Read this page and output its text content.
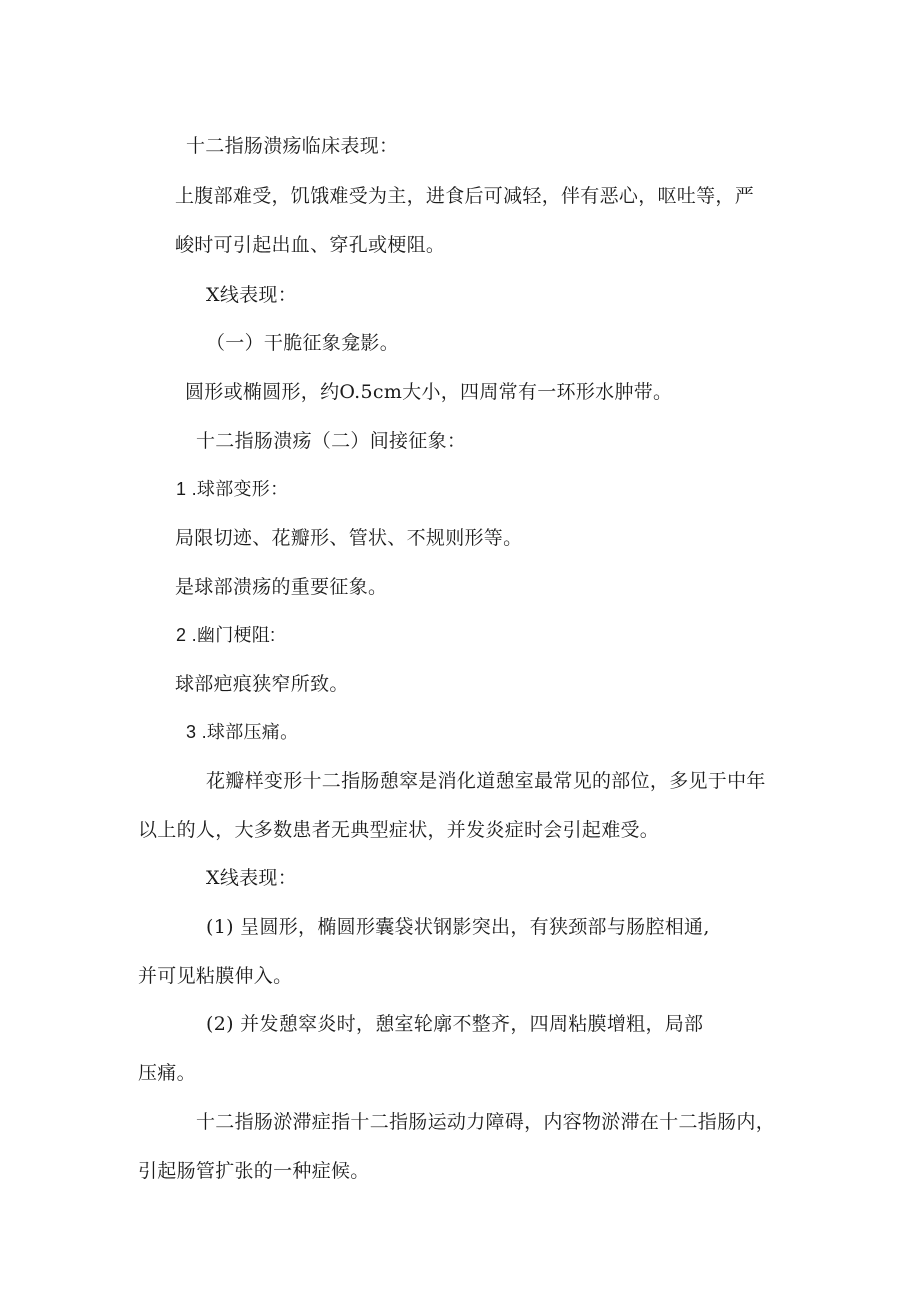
十二指肠溃疡临床表现：

上腹部难受，饥饿难受为主，进食后可减轻，伴有恶心，呕吐等，严

峻时可引起出血、穿孔或梗阻。

X线表现：

（一）干脆征象龛影。

圆形或椭圆形，约O.5cm大小，四周常有一环形水肿带。

十二指肠溃疡（二）间接征象：

1 .球部变形：

局限切迹、花瓣形、管状、不规则形等。

是球部溃疡的重要征象。

2 .幽门梗阻:

球部疤痕狭窄所致。

3 .球部压痛。

花瓣样变形十二指肠憩窣是消化道憩室最常见的部位，多见于中年

以上的人，大多数患者无典型症状，并发炎症时会引起难受。

X线表现：

(1) 呈圆形，椭圆形囊袋状钢影突出，有狭颈部与肠腔相通,

并可见粘膜伸入。

(2) 并发憩窣炎时，憩室轮廓不整齐，四周粘膜增粗，局部

压痛。

十二指肠淤滞症指十二指肠运动力障碍，内容物淤滞在十二指肠内，

引起肠管扩张的一种症候。
